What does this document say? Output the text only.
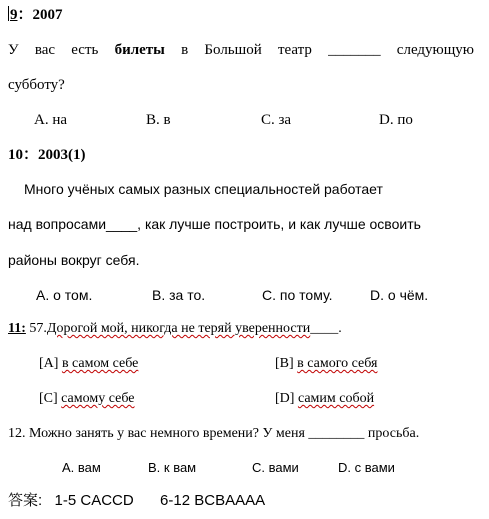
9：2007
У вас есть билеты в Большой театр _______ следующую
субботу?
A. на	B. в	C. за	D. по
10：2003(1)
Много учёных самых разных специальностей работает
над вопросами____, как лучше построить, и как лучше освоить
районы вокруг себя.
A. о том.	B. за то.	C. по тому.	D. о чём.
11: 57.Дорогой мой, никогда не теряй уверенности____.
[A] в самом себе	[B] в самого себя
[C] самому себе	[D] самим собой
12. Можно занять у вас немного времени? У меня ________ просьба.
A. вам	B. к вам	C. вами	D. с вами
答案: 1-5 CACCD 6-12 BCBAAAA
